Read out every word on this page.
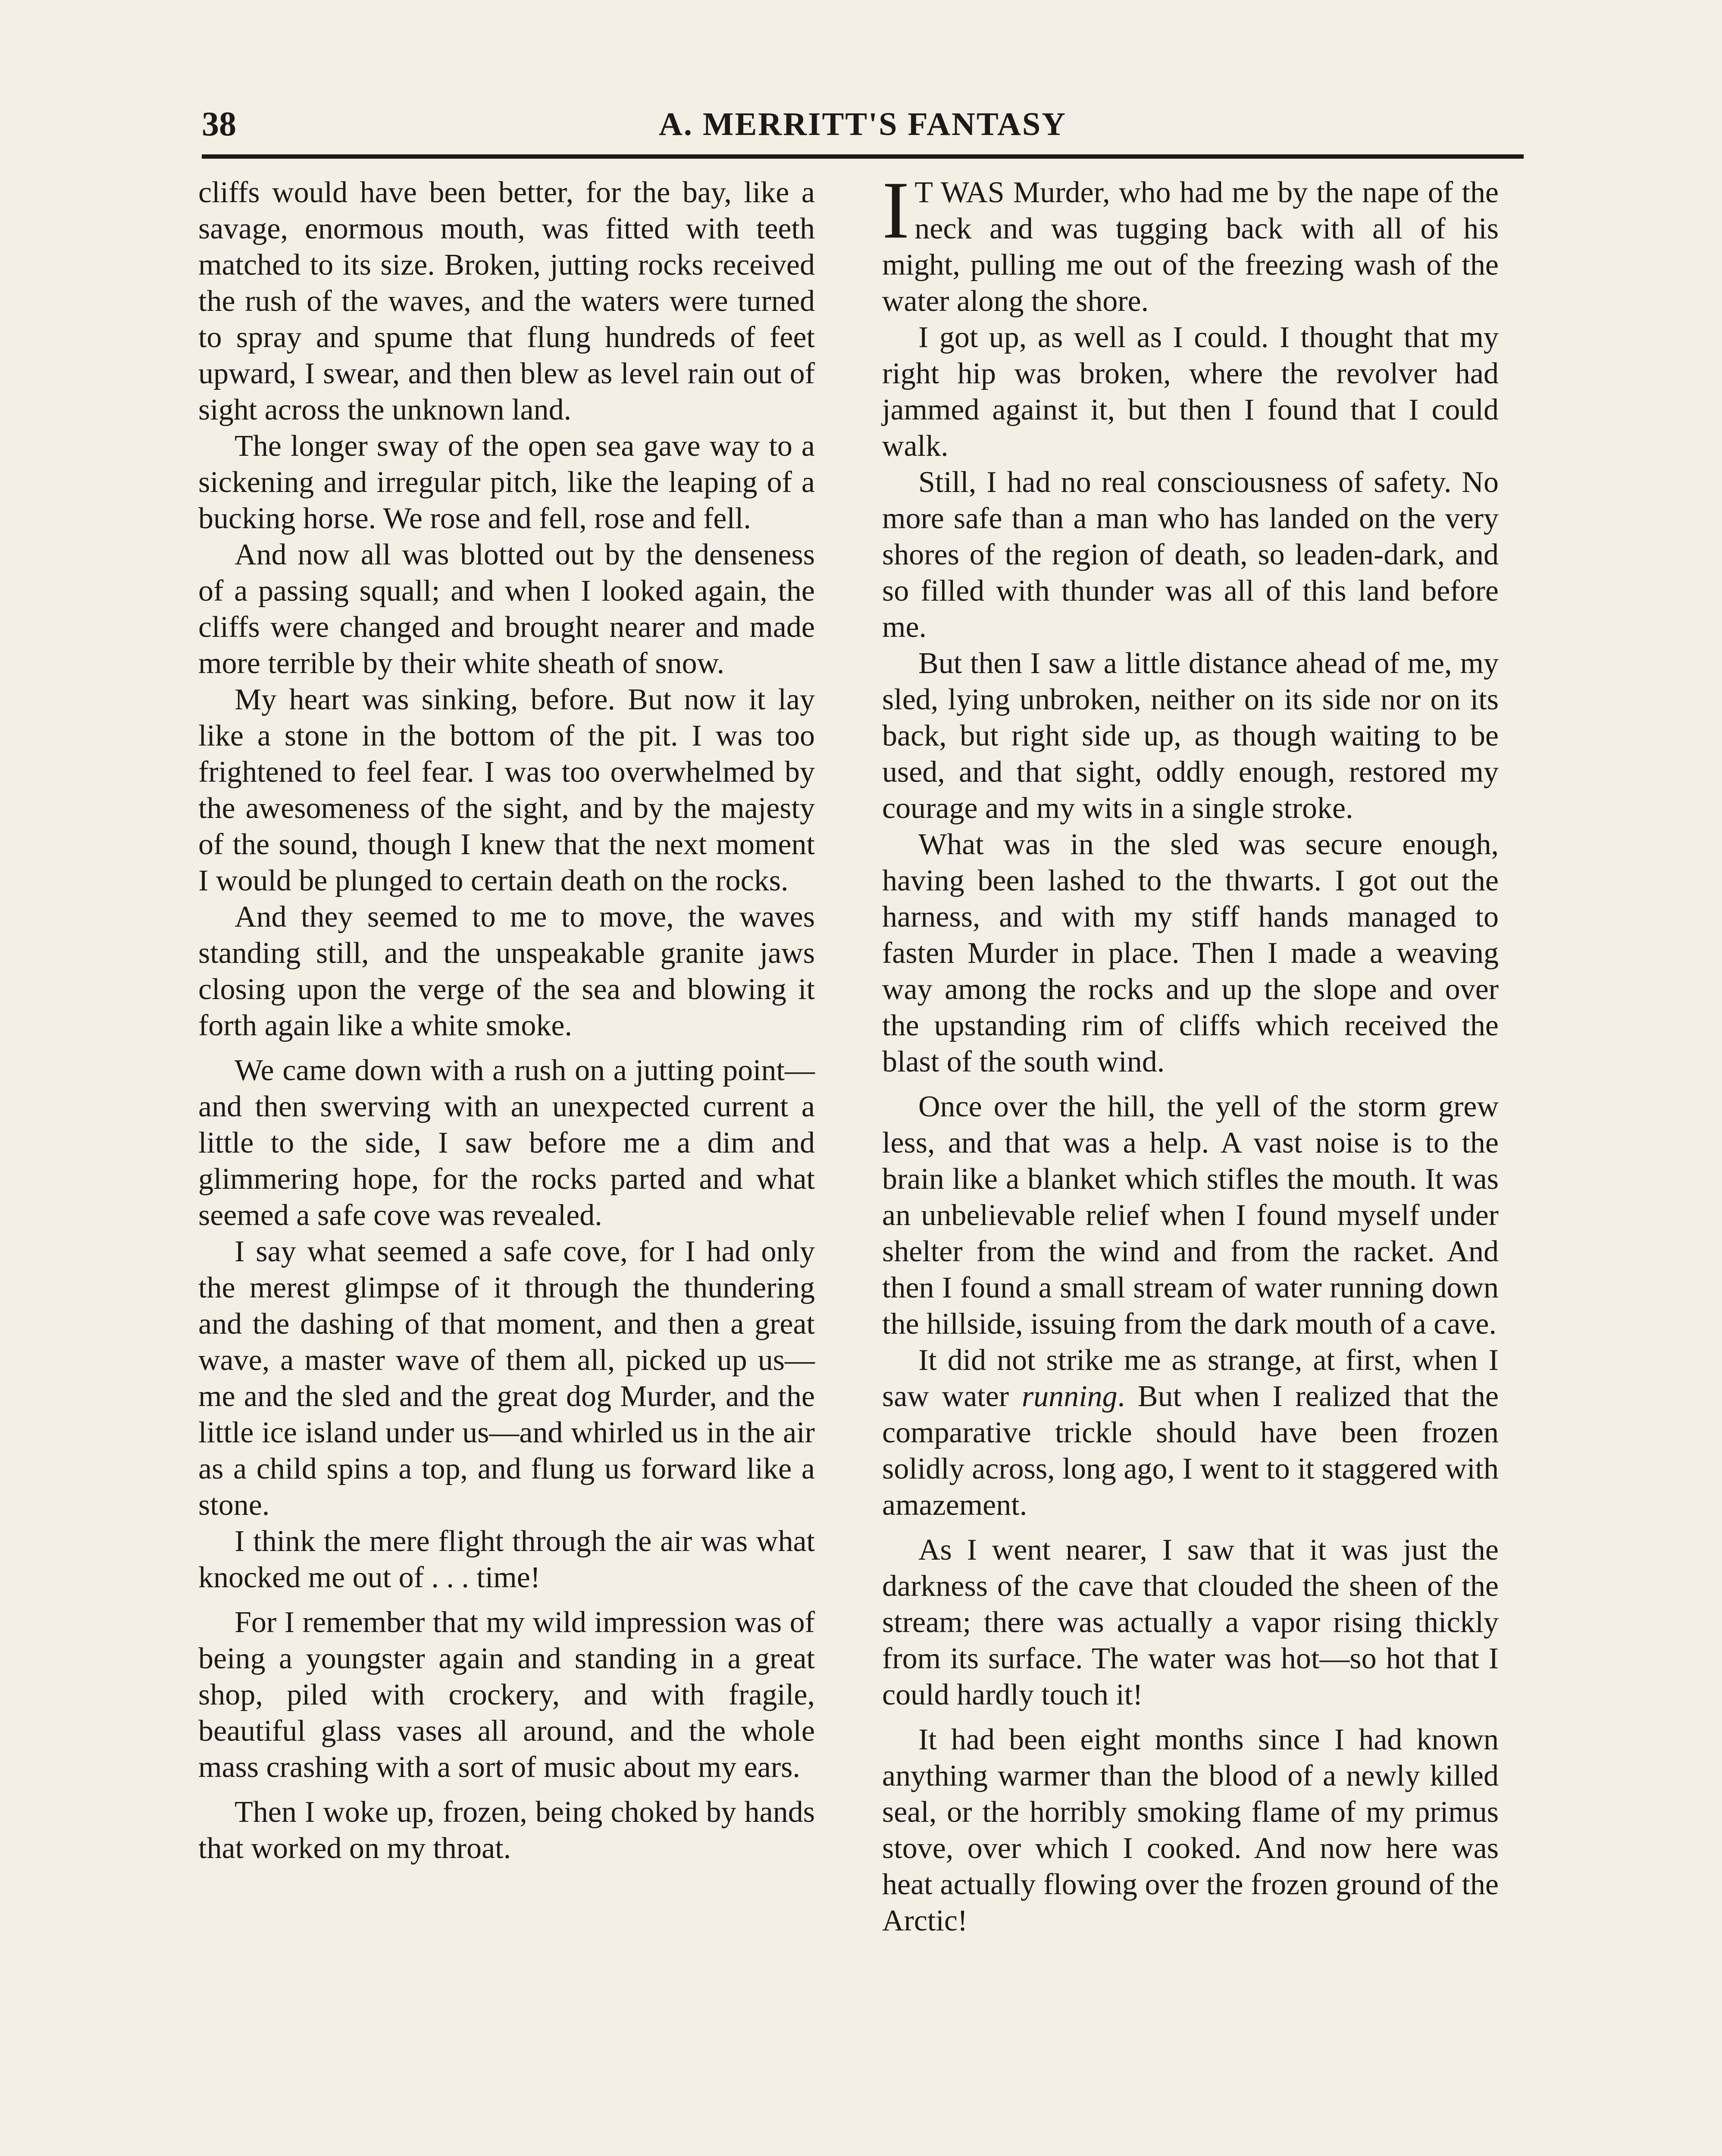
38	A. MERRITT'S FANTASY

cliffs would have been better, for the bay, like a savage, enormous mouth, was fitted with teeth matched to its size. Broken, jutting rocks received the rush of the waves, and the waters were turned to spray and spume that flung hundreds of feet upward, I swear, and then blew as level rain out of sight across the unknown land.

The longer sway of the open sea gave way to a sickening and irregular pitch, like the leaping of a bucking horse. We rose and fell, rose and fell.

And now all was blotted out by the denseness of a passing squall; and when I looked again, the cliffs were changed and brought nearer and made more terrible by their white sheath of snow.

My heart was sinking, before. But now it lay like a stone in the bottom of the pit. I was too frightened to feel fear. I was too overwhelmed by the awesomeness of the sight, and by the majesty of the sound, though I knew that the next moment I would be plunged to certain death on the rocks.

And they seemed to me to move, the waves standing still, and the unspeakable granite jaws closing upon the verge of the sea and blowing it forth again like a white smoke.

We came down with a rush on a jutting point—and then swerving with an unexpected current a little to the side, I saw before me a dim and glimmering hope, for the rocks parted and what seemed a safe cove was revealed.

I say what seemed a safe cove, for I had only the merest glimpse of it through the thundering and the dashing of that moment, and then a great wave, a master wave of them all, picked up us—me and the sled and the great dog Murder, and the little ice island under us—and whirled us in the air as a child spins a top, and flung us forward like a stone.

I think the mere flight through the air was what knocked me out of . . . time!

For I remember that my wild impression was of being a youngster again and standing in a great shop, piled with crockery, and with fragile, beautiful glass vases all around, and the whole mass crashing with a sort of music about my ears.

Then I woke up, frozen, being choked by hands that worked on my throat.

I T WAS Murder, who had me by the nape of the neck and was tugging back with all of his might, pulling me out of the freezing wash of the water along the shore.

I got up, as well as I could. I thought that my right hip was broken, where the revolver had jammed against it, but then I found that I could walk.

Still, I had no real consciousness of safety. No more safe than a man who has landed on the very shores of the region of death, so leaden-dark, and so filled with thunder was all of this land before me.

But then I saw a little distance ahead of me, my sled, lying unbroken, neither on its side nor on its back, but right side up, as though waiting to be used, and that sight, oddly enough, restored my courage and my wits in a single stroke.

What was in the sled was secure enough, having been lashed to the thwarts. I got out the harness, and with my stiff hands managed to fasten Murder in place. Then I made a weaving way among the rocks and up the slope and over the upstanding rim of cliffs which received the blast of the south wind.

Once over the hill, the yell of the storm grew less, and that was a help. A vast noise is to the brain like a blanket which stifles the mouth. It was an unbelievable relief when I found myself under shelter from the wind and from the racket. And then I found a small stream of water running down the hillside, issuing from the dark mouth of a cave.

It did not strike me as strange, at first, when I saw water running. But when I realized that the comparative trickle should have been frozen solidly across, long ago, I went to it staggered with amazement.

As I went nearer, I saw that it was just the darkness of the cave that clouded the sheen of the stream; there was actually a vapor rising thickly from its surface. The water was hot—so hot that I could hardly touch it!

It had been eight months since I had known anything warmer than the blood of a newly killed seal, or the horribly smoking flame of my primus stove, over which I cooked. And now here was heat actually flowing over the frozen ground of the Arctic!
